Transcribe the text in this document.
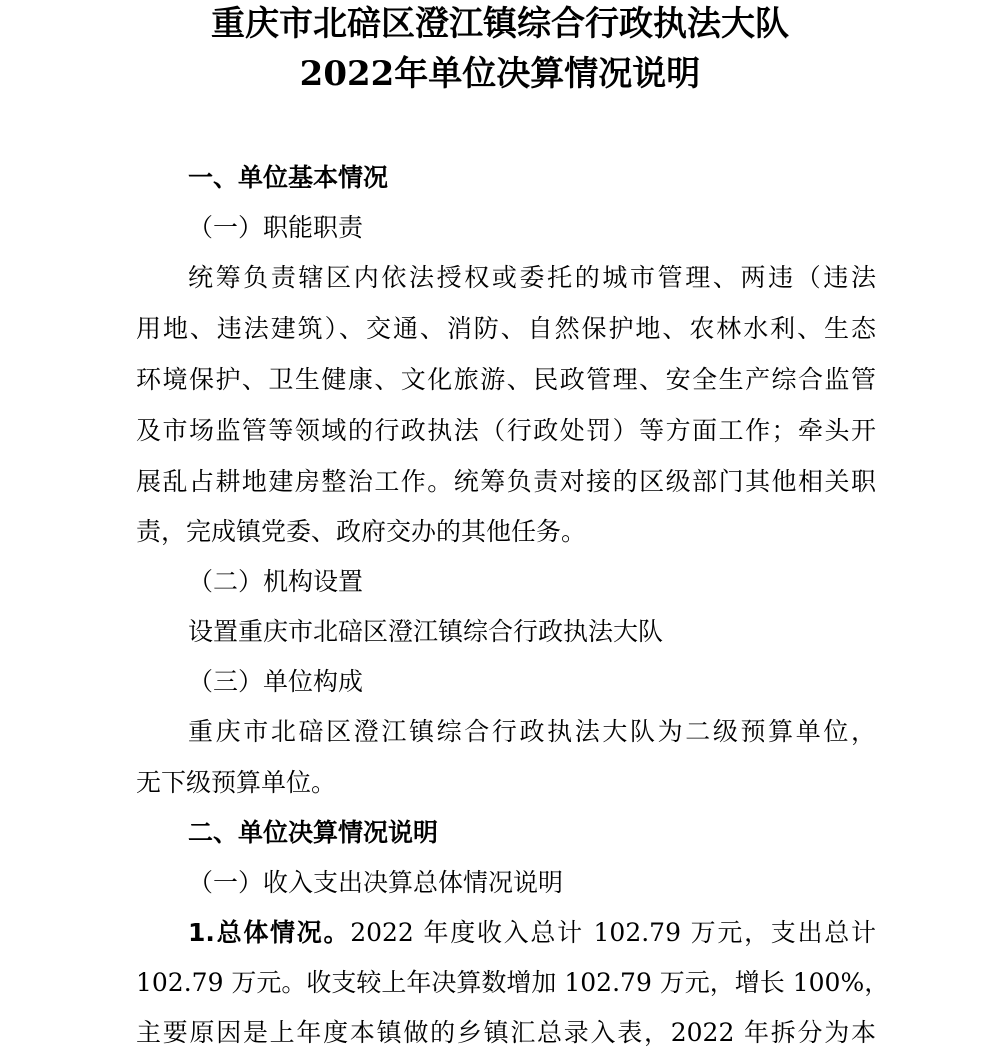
重庆市北碚区澄江镇综合行政执法大队
2022年单位决算情况说明
一、单位基本情况
（一）职能职责
统筹负责辖区内依法授权或委托的城市管理、两违（违法
用地、违法建筑）、交通、消防、自然保护地、农林水利、生态
环境保护、卫生健康、文化旅游、民政管理、安全生产综合监管
及市场监管等领域的行政执法（行政处罚）等方面工作；牵头开
展乱占耕地建房整治工作。统筹负责对接的区级部门其他相关职
责，完成镇党委、政府交办的其他任务。
（二）机构设置
设置重庆市北碚区澄江镇综合行政执法大队
（三）单位构成
重庆市北碚区澄江镇综合行政执法大队为二级预算单位，
无下级预算单位。
二、单位决算情况说明
（一）收入支出决算总体情况说明
1.总体情况。2022 年度收入总计 102.79 万元，支出总计
102.79 万元。收支较上年决算数增加 102.79 万元，增长 100%，
主要原因是上年度本镇做的乡镇汇总录入表，2022 年拆分为本
